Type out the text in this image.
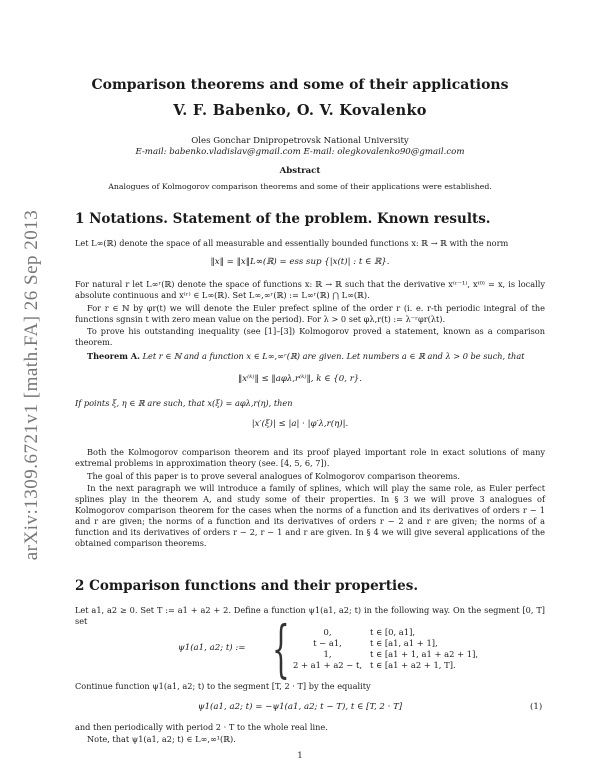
arXiv:1309.6721v1 [math.FA] 26 Sep 2013
Comparison theorems and some of their applications
V. F. Babenko, O. V. Kovalenko
Oles Gonchar Dnipropetrovsk National University
E-mail: babenko.vladislav@gmail.com E-mail: olegkovalenko90@gmail.com
Abstract
Analogues of Kolmogorov comparison theorems and some of their applications were established.
1 Notations. Statement of the problem. Known results.
Let L∞(ℝ) denote the space of all measurable and essentially bounded functions x: ℝ → ℝ with the norm
‖x‖ = ‖x‖L∞(ℝ) = ess sup {|x(t)| : t ∈ ℝ}.
For natural r let L∞ʳ(ℝ) denote the space of functions x: ℝ → ℝ such that the derivative x⁽ʳ⁻¹⁾, x⁽⁰⁾ = x, is locally absolute continuous and x⁽ʳ⁾ ∈ L∞(ℝ). Set L∞,∞ʳ(ℝ) := L∞ʳ(ℝ) ⋂ L∞(ℝ).
For r ∈ ℕ by φr(t) we will denote the Euler prefect spline of the order r (i. e. r-th periodic integral of the functions sgnsin t with zero mean value on the period). For λ > 0 set φλ,r(t) := λ⁻ʳφr(λt).
To prove his outstanding inequality (see [1]–[3]) Kolmogorov proved a statement, known as a comparison theorem.
Theorem A. Let r ∈ ℕ and a function x ∈ L∞,∞ʳ(ℝ) are given. Let numbers a ∈ ℝ and λ > 0 be such, that
‖x⁽ᵏ⁾‖ ≤ ‖aφλ,r⁽ᵏ⁾‖, k ∈ {0, r}.
If points ξ, η ∈ ℝ are such, that x(ξ) = aφλ,r(η), then
|x′(ξ)| ≤ |a| · |φ′λ,r(η)|.
Both the Kolmogorov comparison theorem and its proof played important role in exact solutions of many extremal problems in approximation theory (see. [4, 5, 6, 7]).
The goal of this paper is to prove several analogues of Kolmogorov comparison theorems.
In the next paragraph we will introduce a family of splines, which will play the same role, as Euler perfect splines play in the theorem A, and study some of their properties. In § 3 we will prove 3 analogues of Kolmogorov comparison theorem for the cases when the norms of a function and its derivatives of orders r − 1 and r are given; the norms of a function and its derivatives of orders r − 2 and r are given; the norms of a function and its derivatives of orders r − 2, r − 1 and r are given. In § 4 we will give several applications of the obtained comparison theorems.
2 Comparison functions and their properties.
Let a1, a2 ≥ 0. Set T := a1 + a2 + 2. Define a function ψ1(a1, a2; t) in the following way. On the segment [0, T] set
ψ1(a1, a2; t) := {	0,	t ∈ [0, a1],
t − a1,	t ∈ [a1, a1 + 1],
1,	t ∈ [a1 + 1, a1 + a2 + 1],
2 + a1 + a2 − t, t ∈ [a1 + a2 + 1, T].
Continue function ψ1(a1, a2; t) to the segment [T, 2 · T] by the equality
ψ1(a1, a2; t) = −ψ1(a1, a2; t − T), t ∈ [T, 2 · T]	(1)
and then periodically with period 2 · T to the whole real line.
Note, that ψ1(a1, a2; t) ∈ L∞,∞¹(ℝ).
1
